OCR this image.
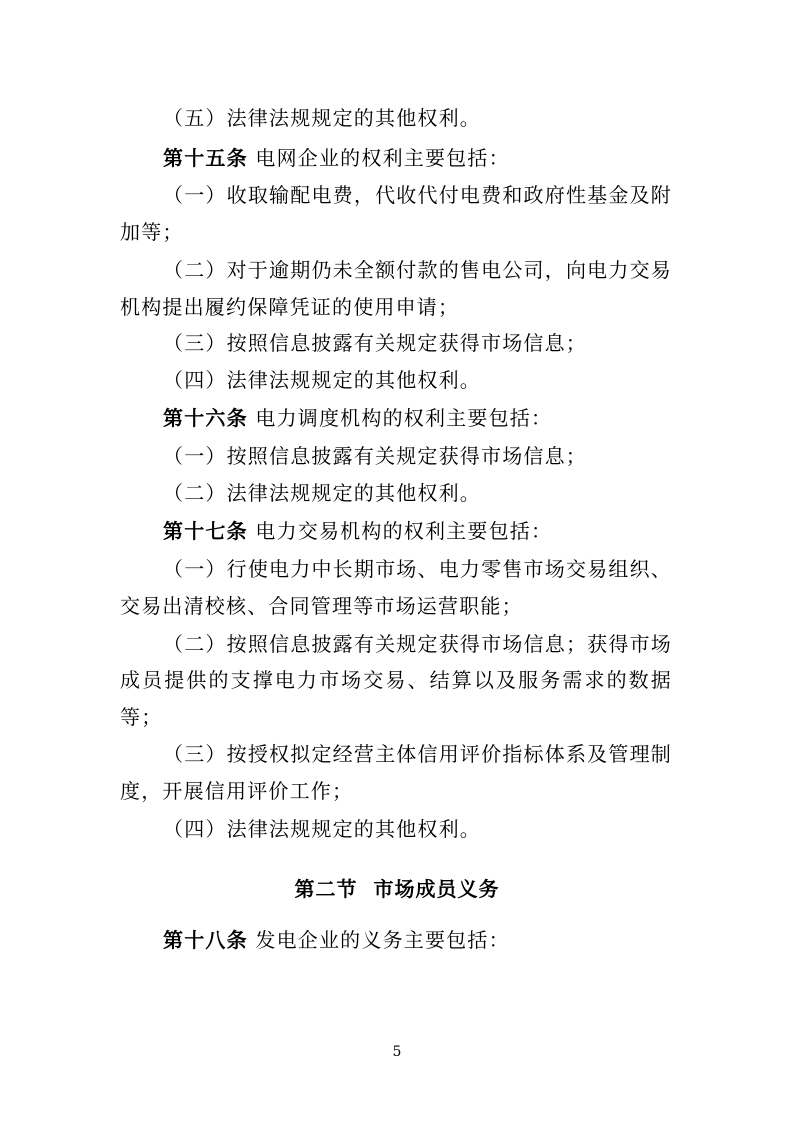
（五）法律法规规定的其他权利。
第十五条 电网企业的权利主要包括：
（一）收取输配电费，代收代付电费和政府性基金及附
加等；
（二）对于逾期仍未全额付款的售电公司，向电力交易
机构提出履约保障凭证的使用申请；
（三）按照信息披露有关规定获得市场信息；
（四）法律法规规定的其他权利。
第十六条 电力调度机构的权利主要包括：
（一）按照信息披露有关规定获得市场信息；
（二）法律法规规定的其他权利。
第十七条 电力交易机构的权利主要包括：
（一）行使电力中长期市场、电力零售市场交易组织、
交易出清校核、合同管理等市场运营职能；
（二）按照信息披露有关规定获得市场信息；获得市场
成员提供的支撑电力市场交易、结算以及服务需求的数据
等；
（三）按授权拟定经营主体信用评价指标体系及管理制
度，开展信用评价工作；
（四）法律法规规定的其他权利。
第二节  市场成员义务
第十八条 发电企业的义务主要包括：
5
